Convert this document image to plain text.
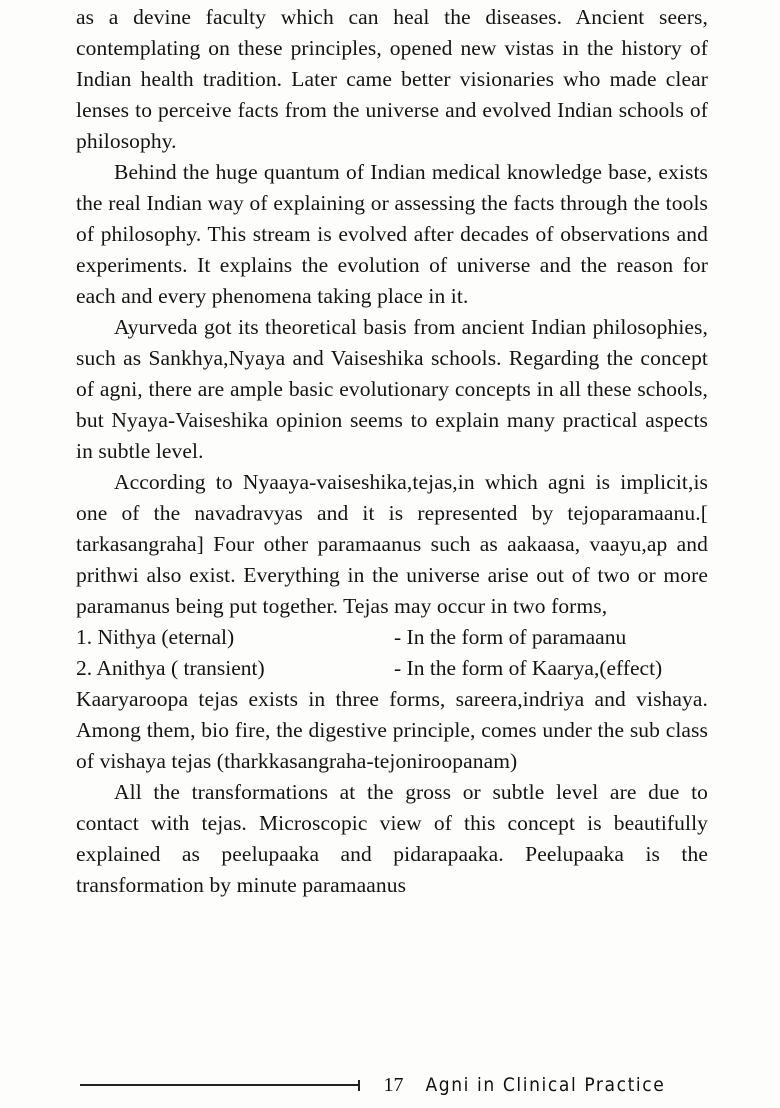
as a devine faculty which can heal the diseases. Ancient seers, contemplating on these principles, opened new vistas in the history of Indian health tradition. Later came better visionaries who made clear lenses to perceive facts from the universe and evolved Indian schools of philosophy.

Behind the huge quantum of Indian medical knowledge base, exists the real Indian way of explaining or assessing the facts through the tools of philosophy. This stream is evolved after decades of observations and experiments. It explains the evolution of universe and the reason for each and every phenomena taking place in it.

Ayurveda got its theoretical basis from ancient Indian philosophies, such as Sankhya,Nyaya and Vaiseshika schools. Regarding the concept of agni, there are ample basic evolutionary concepts in all these schools, but Nyaya-Vaiseshika opinion seems to explain many practical aspects in subtle level.

According to Nyaaya-vaiseshika,tejas,in which agni is implicit,is one of the navadravyas and it is represented by tejoparamaanu.[ tarkasangraha] Four other paramaanus such as aakaasa, vaayu,ap and prithwi also exist. Everything in the universe arise out of two or more paramanus being put together. Tejas may occur in two forms,

1. Nithya (eternal)	- In the form of paramaanu
2. Anithya ( transient)	- In the form of Kaarya,(effect)

Kaaryaroopa tejas exists in three forms, sareera,indriya and vishaya. Among them, bio fire, the digestive principle, comes under the sub class of vishaya tejas (tharkkasangraha-tejoniroopanam)

All the transformations at the gross or subtle level are due to contact with tejas. Microscopic view of this concept is beautifully explained as peelupaaka and pidarapaaka. Peelupaaka is the transformation by minute paramaanus

17 Agni in Clinical Practice
